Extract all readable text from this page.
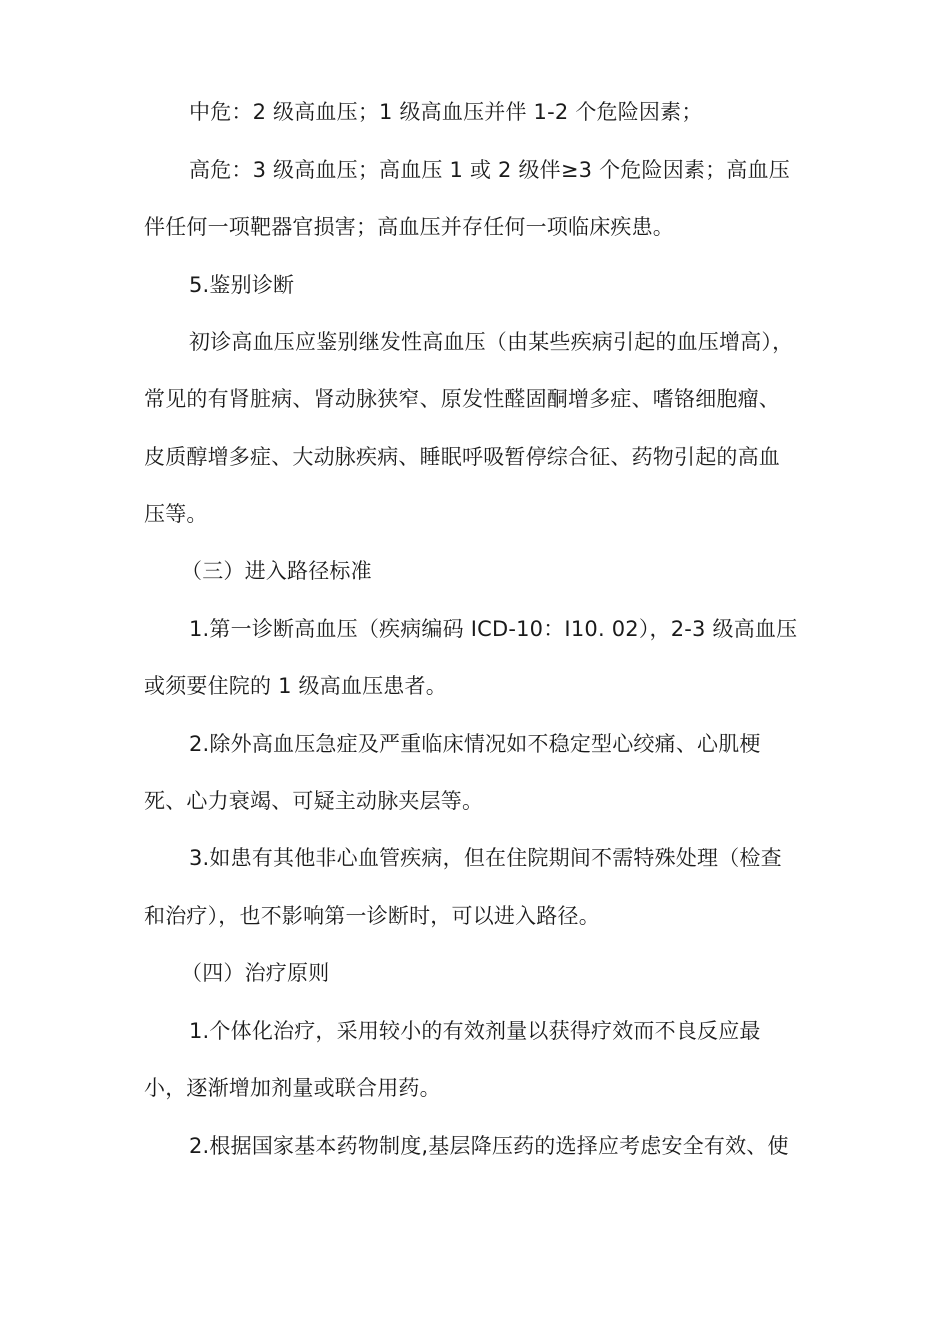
中危：2 级高血压；1 级高血压并伴 1-2 个危险因素；

高危：3 级高血压；高血压 1 或 2 级伴≥3 个危险因素；高血压

伴任何一项靶器官损害；高血压并存任何一项临床疾患。

5.鉴别诊断

初诊高血压应鉴别继发性高血压（由某些疾病引起的血压增高），

常见的有肾脏病、肾动脉狭窄、原发性醛固酮增多症、嗜铬细胞瘤、

皮质醇增多症、大动脉疾病、睡眠呼吸暂停综合征、药物引起的高血

压等。

（三）进入路径标准

1.第一诊断高血压（疾病编码 ICD-10：I10. 02），2-3 级高血压

或须要住院的 1 级高血压患者。

2.除外高血压急症及严重临床情况如不稳定型心绞痛、心肌梗

死、心力衰竭、可疑主动脉夹层等。

3.如患有其他非心血管疾病，但在住院期间不需特殊处理（检查

和治疗），也不影响第一诊断时，可以进入路径。

（四）治疗原则

1.个体化治疗，采用较小的有效剂量以获得疗效而不良反应最

小，逐渐增加剂量或联合用药。

2.根据国家基本药物制度,基层降压药的选择应考虑安全有效、使
